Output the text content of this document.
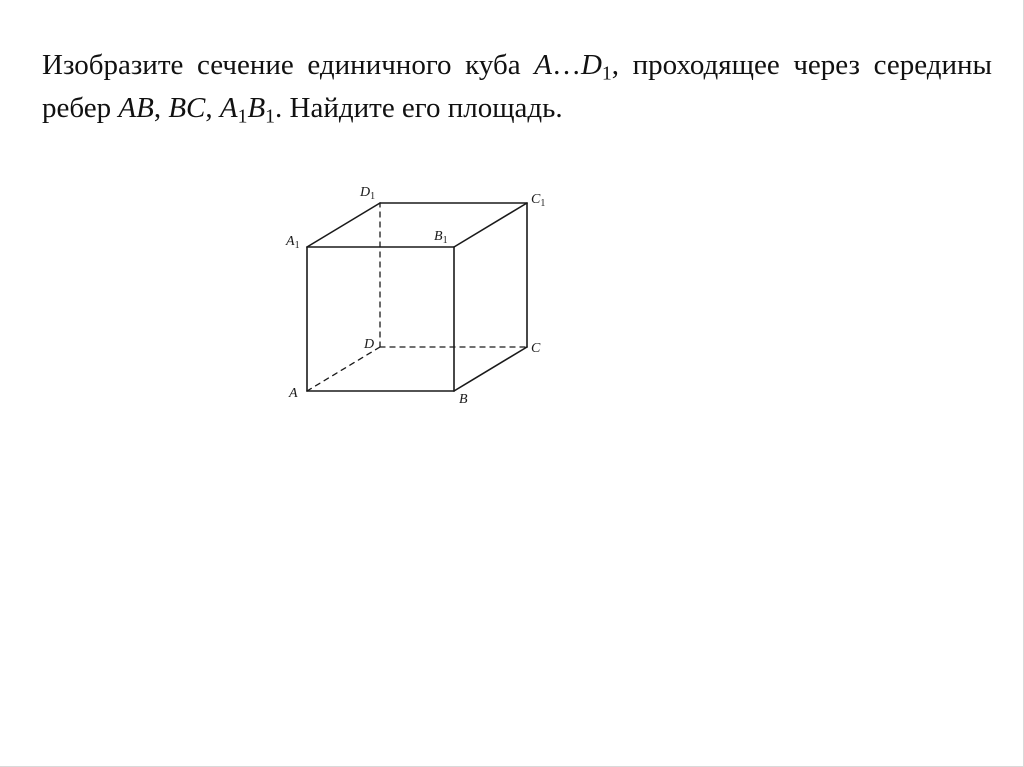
Изобразите сечение единичного куба $A\dots D_1$, проходящее через середины ребер AB, BC, $A_1B_1$. Найдите его площадь.

A	B
C
D
$A_1$
$B_1$
$C_1$
$D_1$
